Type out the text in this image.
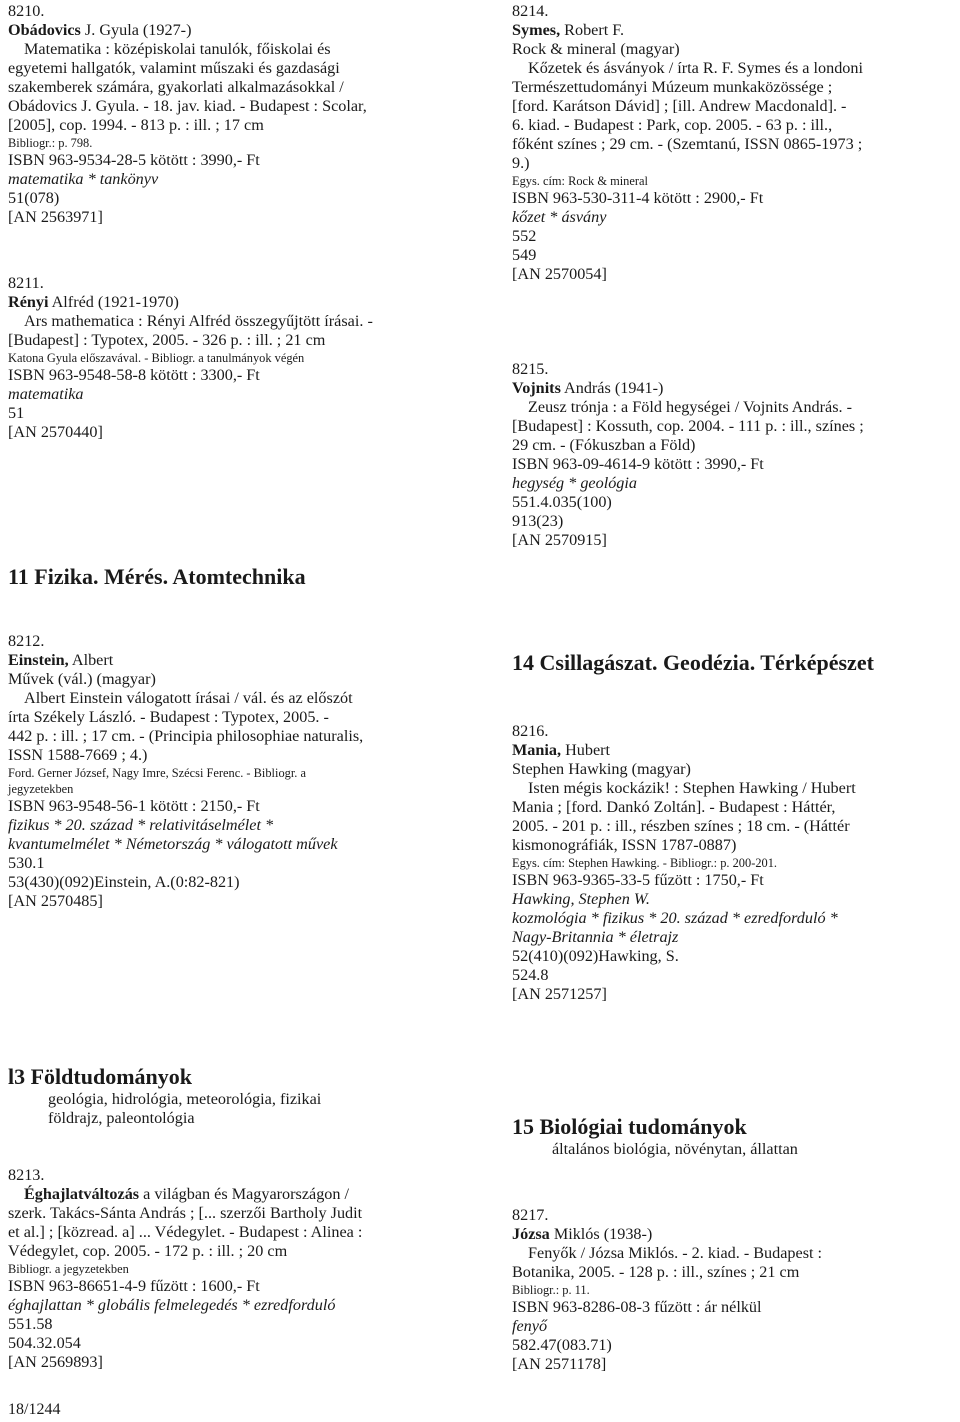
8210.
Obádovics J. Gyula (1927-)
Matematika : középiskolai tanulók, főiskolai és
egyetemi hallgatók, valamint műszaki és gazdasági
szakemberek számára, gyakorlati alkalmazásokkal /
Obádovics J. Gyula. - 18. jav. kiad. - Budapest : Scolar,
[2005], cop. 1994. - 813 p. : ill. ; 17 cm
Bibliogr.: p. 798.
ISBN 963-9534-28-5 kötött : 3990,- Ft
matematika * tankönyv
51(078)
[AN 2563971]
8211.
Rényi Alfréd (1921-1970)
Ars mathematica : Rényi Alfréd összegyűjtött írásai. -
[Budapest] : Typotex, 2005. - 326 p. : ill. ; 21 cm
Katona Gyula előszavával. - Bibliogr. a tanulmányok végén
ISBN 963-9548-58-8 kötött : 3300,- Ft
matematika
51
[AN 2570440]
11 Fizika. Mérés. Atomtechnika
8212.
Einstein, Albert
Művek (vál.) (magyar)
Albert Einstein válogatott írásai / vál. és az előszót
írta Székely László. - Budapest : Typotex, 2005. -
442 p. : ill. ; 17 cm. - (Principia philosophiae naturalis,
ISSN 1588-7669 ; 4.)
Ford. Gerner József, Nagy Imre, Szécsi Ferenc. - Bibliogr. a
jegyzetekben
ISBN 963-9548-56-1 kötött : 2150,- Ft
fizikus * 20. század * relativitáselmélet *
kvantumelmélet * Németország * válogatott művek
530.1
53(430)(092)Einstein, A.(0:82-821)
[AN 2570485]
l3 Földtudományok
geológia, hidrológia, meteorológia, fizikai
földrajz, paleontológia
8213.
Éghajlatváltozás a világban és Magyarországon /
szerk. Takács-Sánta András ; [... szerzői Bartholy Judit
et al.] ; [közread. a] ... Védegylet. - Budapest : Alinea :
Védegylet, cop. 2005. - 172 p. : ill. ; 20 cm
Bibliogr. a jegyzetekben
ISBN 963-86651-4-9 fűzött : 1600,- Ft
éghajlattan * globális felmelegedés * ezredforduló
551.58
504.32.054
[AN 2569893]
8214.
Symes, Robert F.
Rock & mineral (magyar)
Kőzetek és ásványok / írta R. F. Symes és a londoni
Természettudományi Múzeum munkaközössége ;
[ford. Karátson Dávid] ; [ill. Andrew Macdonald]. -
6. kiad. - Budapest : Park, cop. 2005. - 63 p. : ill.,
főként színes ; 29 cm. - (Szemtanú, ISSN 0865-1973 ;
9.)
Egys. cím: Rock & mineral
ISBN 963-530-311-4 kötött : 2900,- Ft
kőzet * ásvány
552
549
[AN 2570054]
8215.
Vojnits András (1941-)
Zeusz trónja : a Föld hegységei / Vojnits András. -
[Budapest] : Kossuth, cop. 2004. - 111 p. : ill., színes ;
29 cm. - (Fókuszban a Föld)
ISBN 963-09-4614-9 kötött : 3990,- Ft
hegység * geológia
551.4.035(100)
913(23)
[AN 2570915]
14 Csillagászat. Geodézia. Térképészet
8216.
Mania, Hubert
Stephen Hawking (magyar)
Isten mégis kockázik! : Stephen Hawking / Hubert
Mania ; [ford. Dankó Zoltán]. - Budapest : Háttér,
2005. - 201 p. : ill., részben színes ; 18 cm. - (Háttér
kismonográfiák, ISSN 1787-0887)
Egys. cím: Stephen Hawking. - Bibliogr.: p. 200-201.
ISBN 963-9365-33-5 fűzött : 1750,- Ft
Hawking, Stephen W.
kozmológia * fizikus * 20. század * ezredforduló *
Nagy-Britannia * életrajz
52(410)(092)Hawking, S.
524.8
[AN 2571257]
15 Biológiai tudományok
általános biológia, növénytan, állattan
8217.
Józsa Miklós (1938-)
Fenyők / Józsa Miklós. - 2. kiad. - Budapest :
Botanika, 2005. - 128 p. : ill., színes ; 21 cm
Bibliogr.: p. 11.
ISBN 963-8286-08-3 fűzött : ár nélkül
fenyő
582.47(083.71)
[AN 2571178]
18/1244
